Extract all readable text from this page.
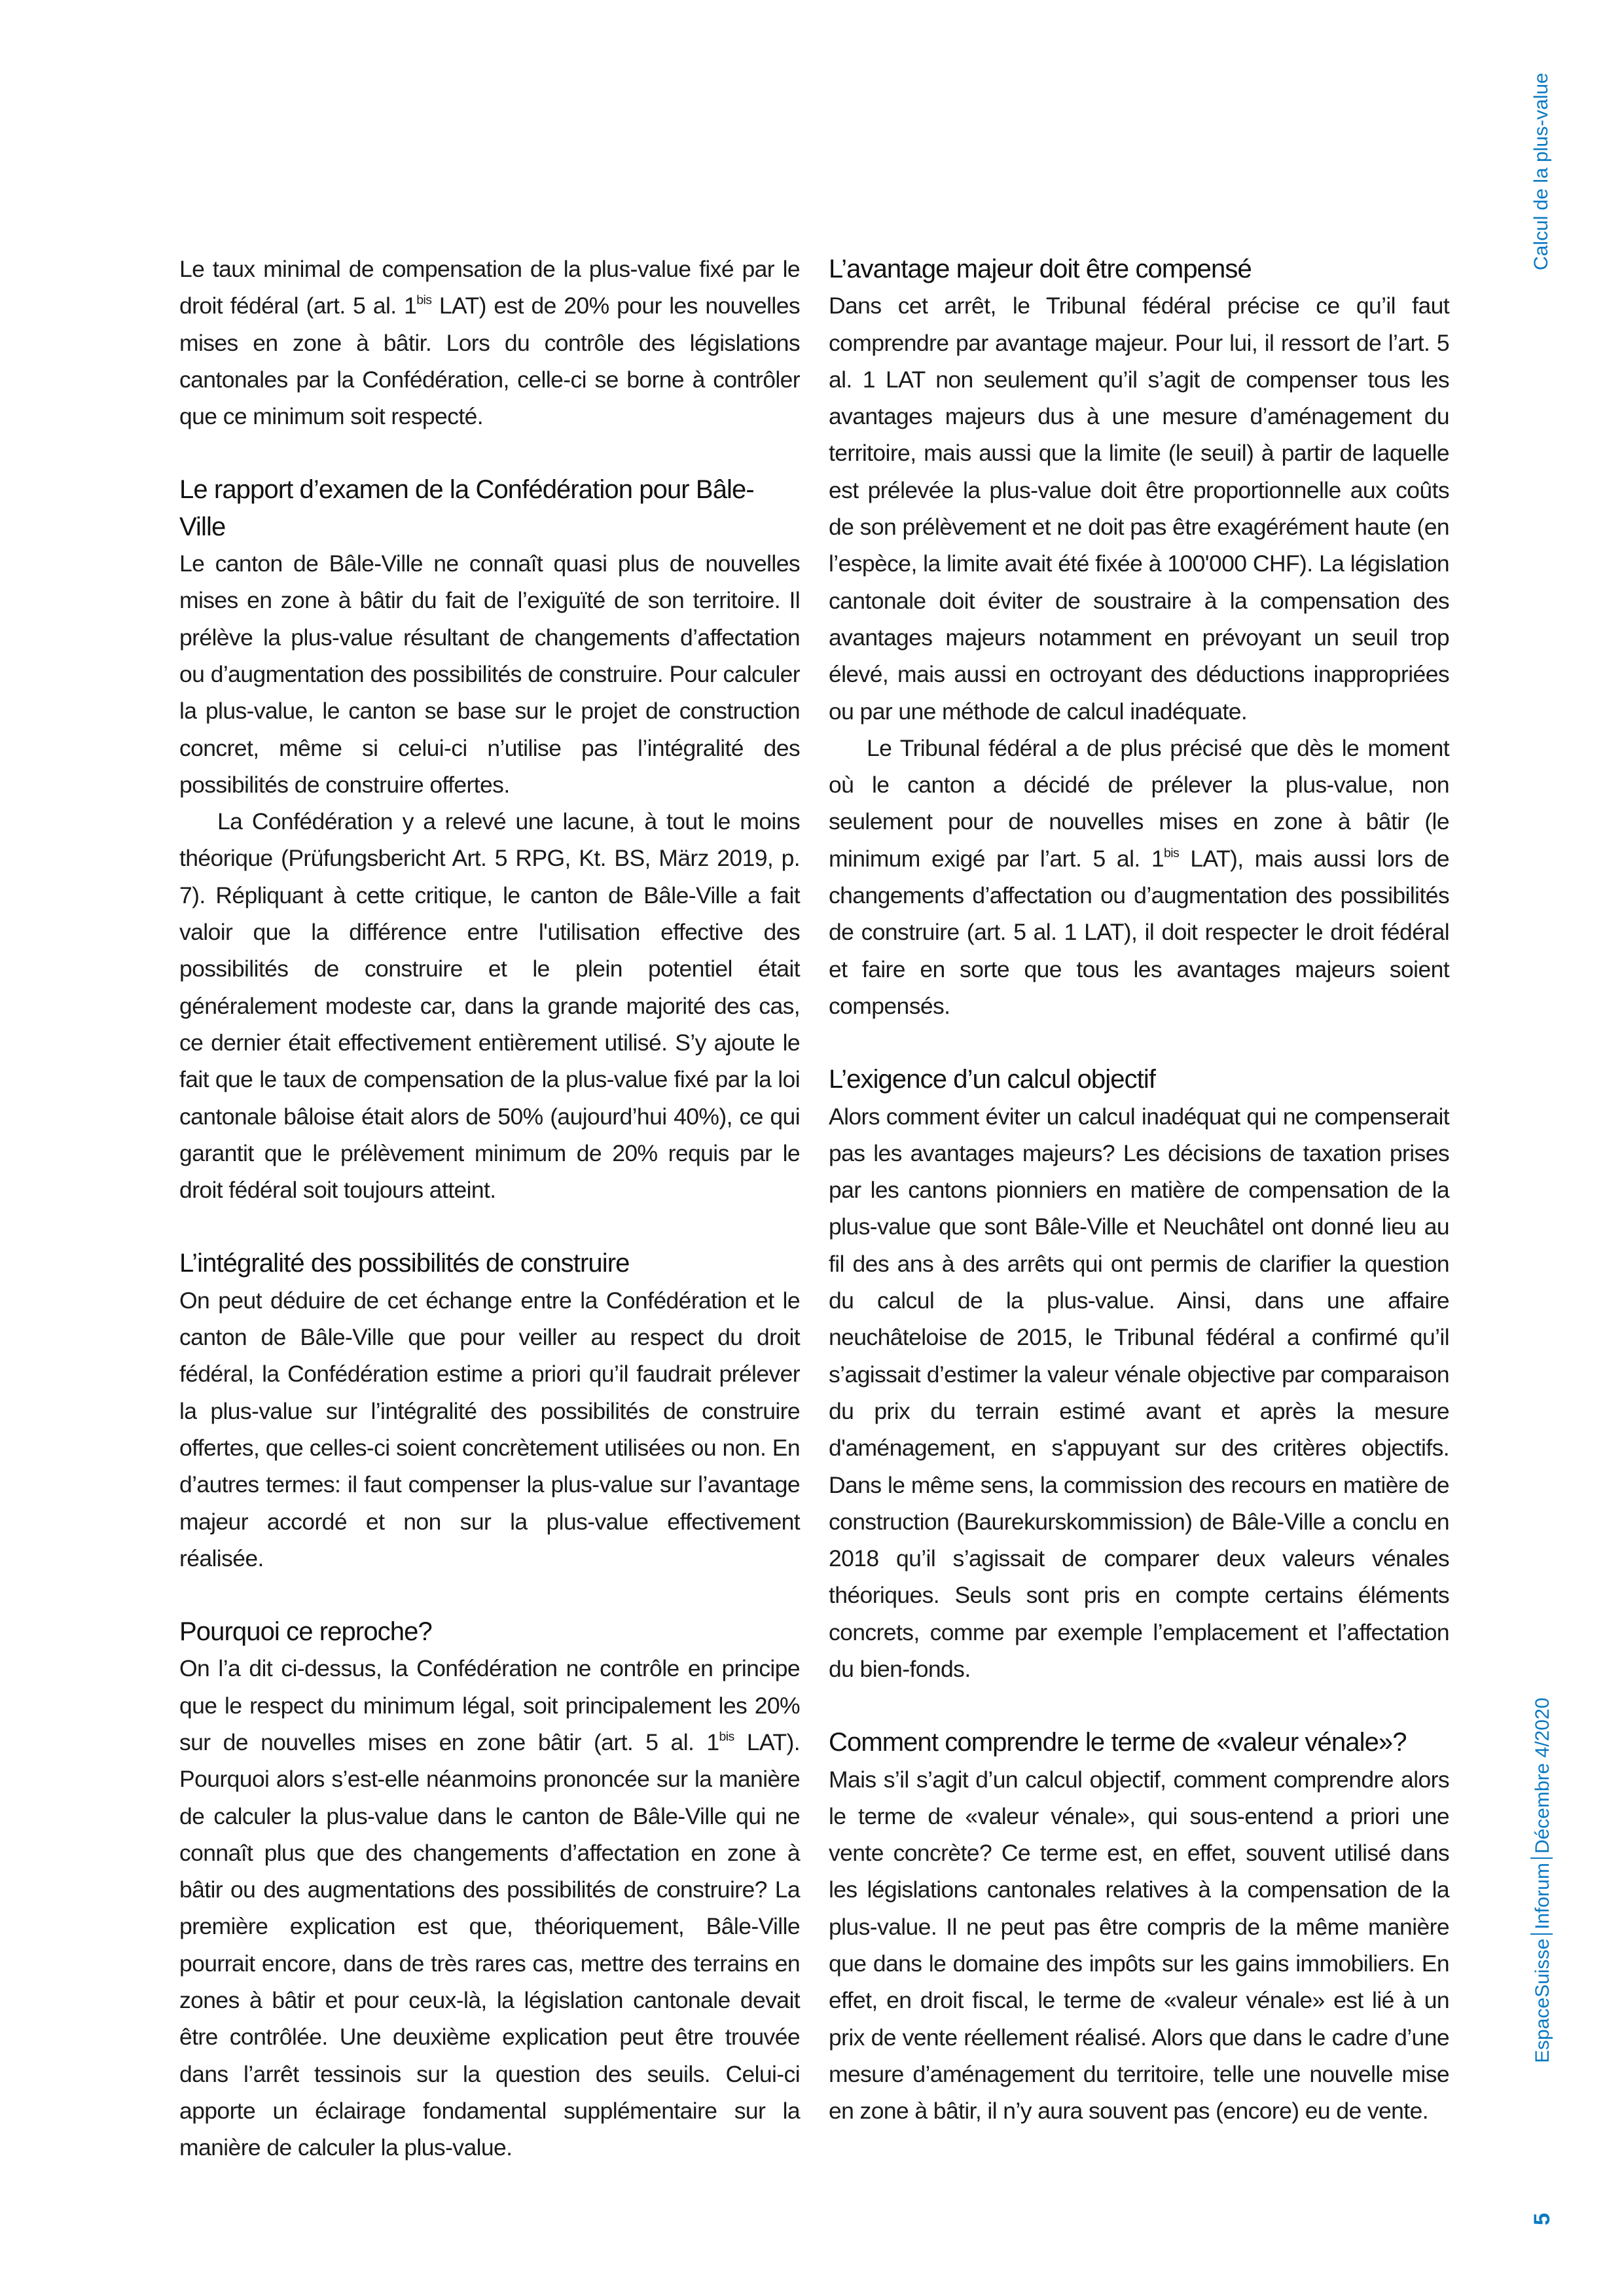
Le taux minimal de compensation de la plus-value fixé par le droit fédéral (art. 5 al. $1^{bis}$ LAT) est de 20% pour les nouvelles mises en zone à bâtir. Lors du contrôle des législations cantonales par la Confédération, celle-ci se borne à contrôler que ce minimum soit respecté.

Le rapport d’examen de la Confédération pour Bâle-Ville

Le canton de Bâle-Ville ne connaît quasi plus de nouvelles mises en zone à bâtir du fait de l’exiguïté de son territoire. Il prélève la plus-value résultant de changements d’affectation ou d’augmentation des possibilités de construire. Pour calculer la plus-value, le canton se base sur le projet de construction concret, même si celui-ci n’utilise pas l’intégralité des possibilités de construire offertes.

La Confédération y a relevé une lacune, à tout le moins théorique (Prüfungsbericht Art. 5 RPG, Kt. BS, März 2019, p. 7). Répliquant à cette critique, le canton de Bâle-Ville a fait valoir que la différence entre l'utilisation effective des possibilités de construire et le plein potentiel était généralement modeste car, dans la grande majorité des cas, ce dernier était effectivement entièrement utilisé. S’y ajoute le fait que le taux de compensation de la plus-value fixé par la loi cantonale bâloise était alors de 50% (aujourd’hui 40%), ce qui garantit que le prélèvement minimum de 20% requis par le droit fédéral soit toujours atteint.

L’intégralité des possibilités de construire

On peut déduire de cet échange entre la Confédération et le canton de Bâle-Ville que pour veiller au respect du droit fédéral, la Confédération estime a priori qu’il faudrait prélever la plus-value sur l’intégralité des possibilités de construire offertes, que celles-ci soient concrètement utilisées ou non. En d’autres termes: il faut compenser la plus-value sur l’avantage majeur accordé et non sur la plus-value effectivement réalisée.

Pourquoi ce reproche?

On l’a dit ci-dessus, la Confédération ne contrôle en principe que le respect du minimum légal, soit principalement les 20% sur de nouvelles mises en zone bâtir (art. 5 al. $1^{bis}$ LAT). Pourquoi alors s’est-elle néanmoins prononcée sur la manière de calculer la plus-value dans le canton de Bâle-Ville qui ne connaît plus que des changements d’affectation en zone à bâtir ou des augmentations des possibilités de construire? La première explication est que, théoriquement, Bâle-Ville pourrait encore, dans de très rares cas, mettre des terrains en zones à bâtir et pour ceux-là, la législation cantonale devait être contrôlée. Une deuxième explication peut être trouvée dans l’arrêt tessinois sur la question des seuils. Celui-ci apporte un éclairage fondamental supplémentaire sur la manière de calculer la plus-value.

L’avantage majeur doit être compensé

Dans cet arrêt, le Tribunal fédéral précise ce qu’il faut comprendre par avantage majeur. Pour lui, il ressort de l’art. 5 al. 1 LAT non seulement qu’il s’agit de compenser tous les avantages majeurs dus à une mesure d’aménagement du territoire, mais aussi que la limite (le seuil) à partir de laquelle est prélevée la plus-value doit être proportionnelle aux coûts de son prélèvement et ne doit pas être exagérément haute (en l’espèce, la limite avait été fixée à 100'000 CHF). La législation cantonale doit éviter de soustraire à la compensation des avantages majeurs notamment en prévoyant un seuil trop élevé, mais aussi en octroyant des déductions inappropriées ou par une méthode de calcul inadéquate.

Le Tribunal fédéral a de plus précisé que dès le moment où le canton a décidé de prélever la plus-value, non seulement pour de nouvelles mises en zone à bâtir (le minimum exigé par l’art. 5 al. $1^{bis}$ LAT), mais aussi lors de changements d’affectation ou d’augmentation des possibilités de construire (art. 5 al. 1 LAT), il doit respecter le droit fédéral et faire en sorte que tous les avantages majeurs soient compensés.

L’exigence d’un calcul objectif

Alors comment éviter un calcul inadéquat qui ne compenserait pas les avantages majeurs? Les décisions de taxation prises par les cantons pionniers en matière de compensation de la plus-value que sont Bâle-Ville et Neuchâtel ont donné lieu au fil des ans à des arrêts qui ont permis de clarifier la question du calcul de la plus-value. Ainsi, dans une affaire neuchâteloise de 2015, le Tribunal fédéral a confirmé qu’il s’agissait d’estimer la valeur vénale objective par comparaison du prix du terrain estimé avant et après la mesure d'aménagement, en s'appuyant sur des critères objectifs. Dans le même sens, la commission des recours en matière de construction (Baurekurskommission) de Bâle-Ville a conclu en 2018 qu’il s’agissait de comparer deux valeurs vénales théoriques. Seuls sont pris en compte certains éléments concrets, comme par exemple l’emplacement et l’affectation du bien-fonds.

Comment comprendre le terme de «valeur vénale»?

Mais s’il s’agit d’un calcul objectif, comment comprendre alors le terme de «valeur vénale», qui sous-entend a priori une vente concrète? Ce terme est, en effet, souvent utilisé dans les législations cantonales relatives à la compensation de la plus-value. Il ne peut pas être compris de la même manière que dans le domaine des impôts sur les gains immobiliers. En effet, en droit fiscal, le terme de «valeur vénale» est lié à un prix de vente réellement réalisé. Alors que dans le cadre d’une mesure d’aménagement du territoire, telle une nouvelle mise en zone à bâtir, il n’y aura souvent pas (encore) eu de vente.

Calcul de la plus-value
EspaceSuisseInforumDécembre 4/2020
5
